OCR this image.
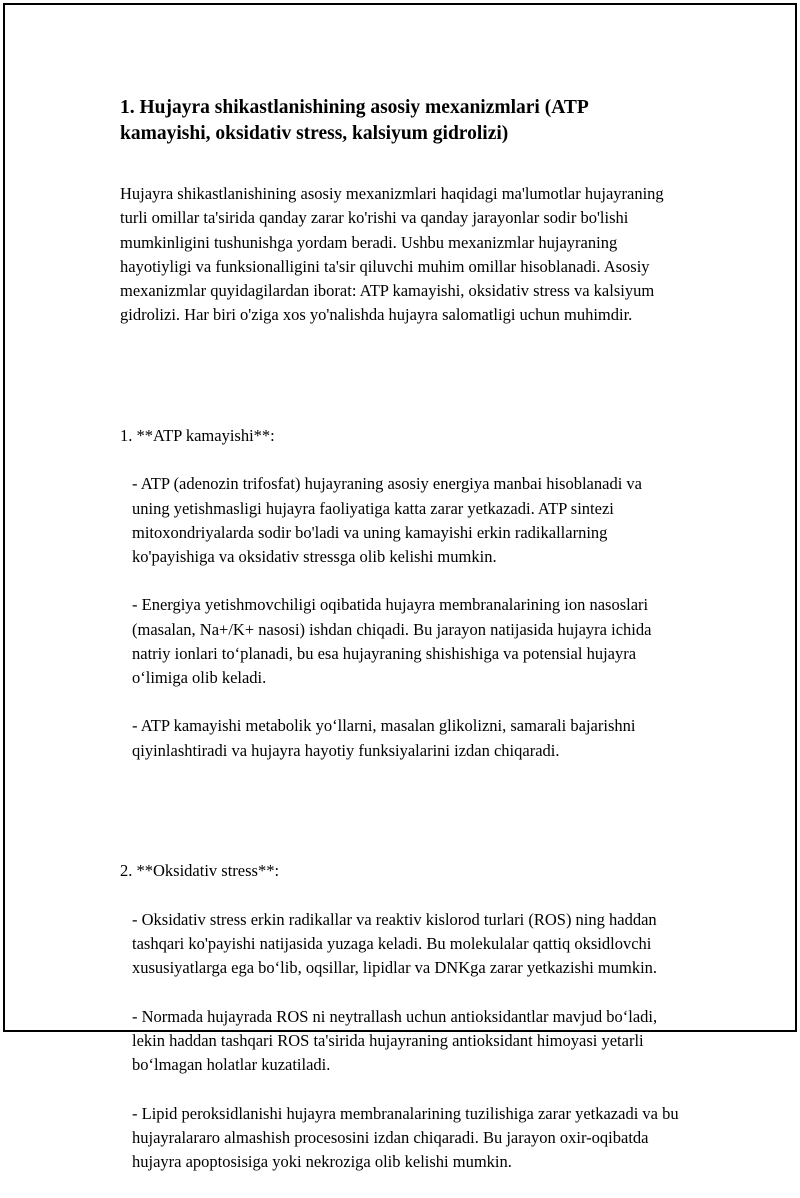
1. Hujayra shikastlanishining asosiy mexanizmlari (ATP kamayishi, oksidativ stress, kalsiyum gidrolizi)

Hujayra shikastlanishining asosiy mexanizmlari haqidagi ma'lumotlar hujayraning turli omillar ta'sirida qanday zarar ko'rishi va qanday jarayonlar sodir bo'lishi mumkinligini tushunishga yordam beradi. Ushbu mexanizmlar hujayraning hayotiyligi va funksionalligini ta'sir qiluvchi muhim omillar hisoblanadi. Asosiy mexanizmlar quyidagilardan iborat: ATP kamayishi, oksidativ stress va kalsiyum gidrolizi. Har biri o'ziga xos yo'nalishda hujayra salomatligi uchun muhimdir.

1. **ATP kamayishi**:

- ATP (adenozin trifosfat) hujayraning asosiy energiya manbai hisoblanadi va uning yetishmasligi hujayra faoliyatiga katta zarar yetkazadi. ATP sintezi mitoxondriyalarda sodir bo'ladi va uning kamayishi erkin radikallarning ko'payishiga va oksidativ stressga olib kelishi mumkin.

- Energiya yetishmovchiligi oqibatida hujayra membranalarining ion nasoslari (masalan, Na+/K+ nasosi) ishdan chiqadi. Bu jarayon natijasida hujayra ichida natriy ionlari to‘planadi, bu esa hujayraning shishishiga va potensial hujayra o‘limiga olib keladi.

- ATP kamayishi metabolik yo‘llarni, masalan glikolizni, samarali bajarishni qiyinlashtiradi va hujayra hayotiy funksiyalarini izdan chiqaradi.

2. **Oksidativ stress**:

- Oksidativ stress erkin radikallar va reaktiv kislorod turlari (ROS) ning haddan tashqari ko'payishi natijasida yuzaga keladi. Bu molekulalar qattiq oksidlovchi xususiyatlarga ega bo‘lib, oqsillar, lipidlar va DNKga zarar yetkazishi mumkin.

- Normada hujayrada ROS ni neytrallash uchun antioksidantlar mavjud bo‘ladi, lekin haddan tashqari ROS ta'sirida hujayraning antioksidant himoyasi yetarli bo‘lmagan holatlar kuzatiladi.

- Lipid peroksidlanishi hujayra membranalarining tuzilishiga zarar yetkazadi va bu hujayralararo almashish procesosini izdan chiqaradi. Bu jarayon oxir-oqibatda hujayra apoptosisiga yoki nekroziga olib kelishi mumkin.
